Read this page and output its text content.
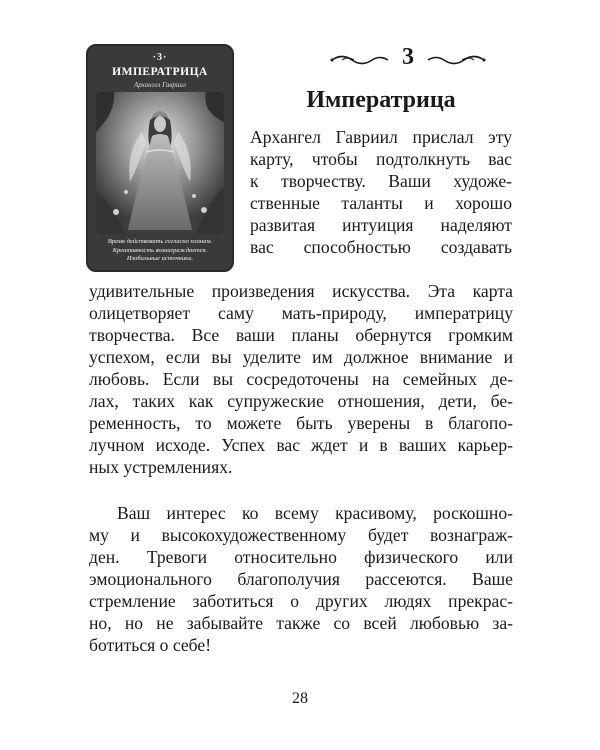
·3·
ИМПЕРАТРИЦА
Архангел Гавриил
Время действовать согласно планам.
Креативность вознаграждается.
Изобильные источники.
3
Императрица
Архангел Гавриил прислал эту
карту, чтобы подтолкнуть вас
к творчеству. Ваши художе-
ственные таланты и хорошо
развитая интуиция наделяют
вас способностью создавать
удивительные произведения искусства. Эта карта
олицетворяет саму мать-природу, императрицу
творчества. Все ваши планы обернутся громким
успехом, если вы уделите им должное внимание и
любовь. Если вы сосредоточены на семейных де-
лах, таких как супружеские отношения, дети, бе-
ременность, то можете быть уверены в благопо-
лучном исходе. Успех вас ждет и в ваших карьер-
ных устремлениях.
Ваш интерес ко всему красивому, роскошно-
му и высокохудожественному будет вознаграж-
ден. Тревоги относительно физического или
эмоционального благополучия рассеются. Ваше
стремление заботиться о других людях прекрас-
но, но не забывайте также со всей любовью за-
ботиться о себе!
28
